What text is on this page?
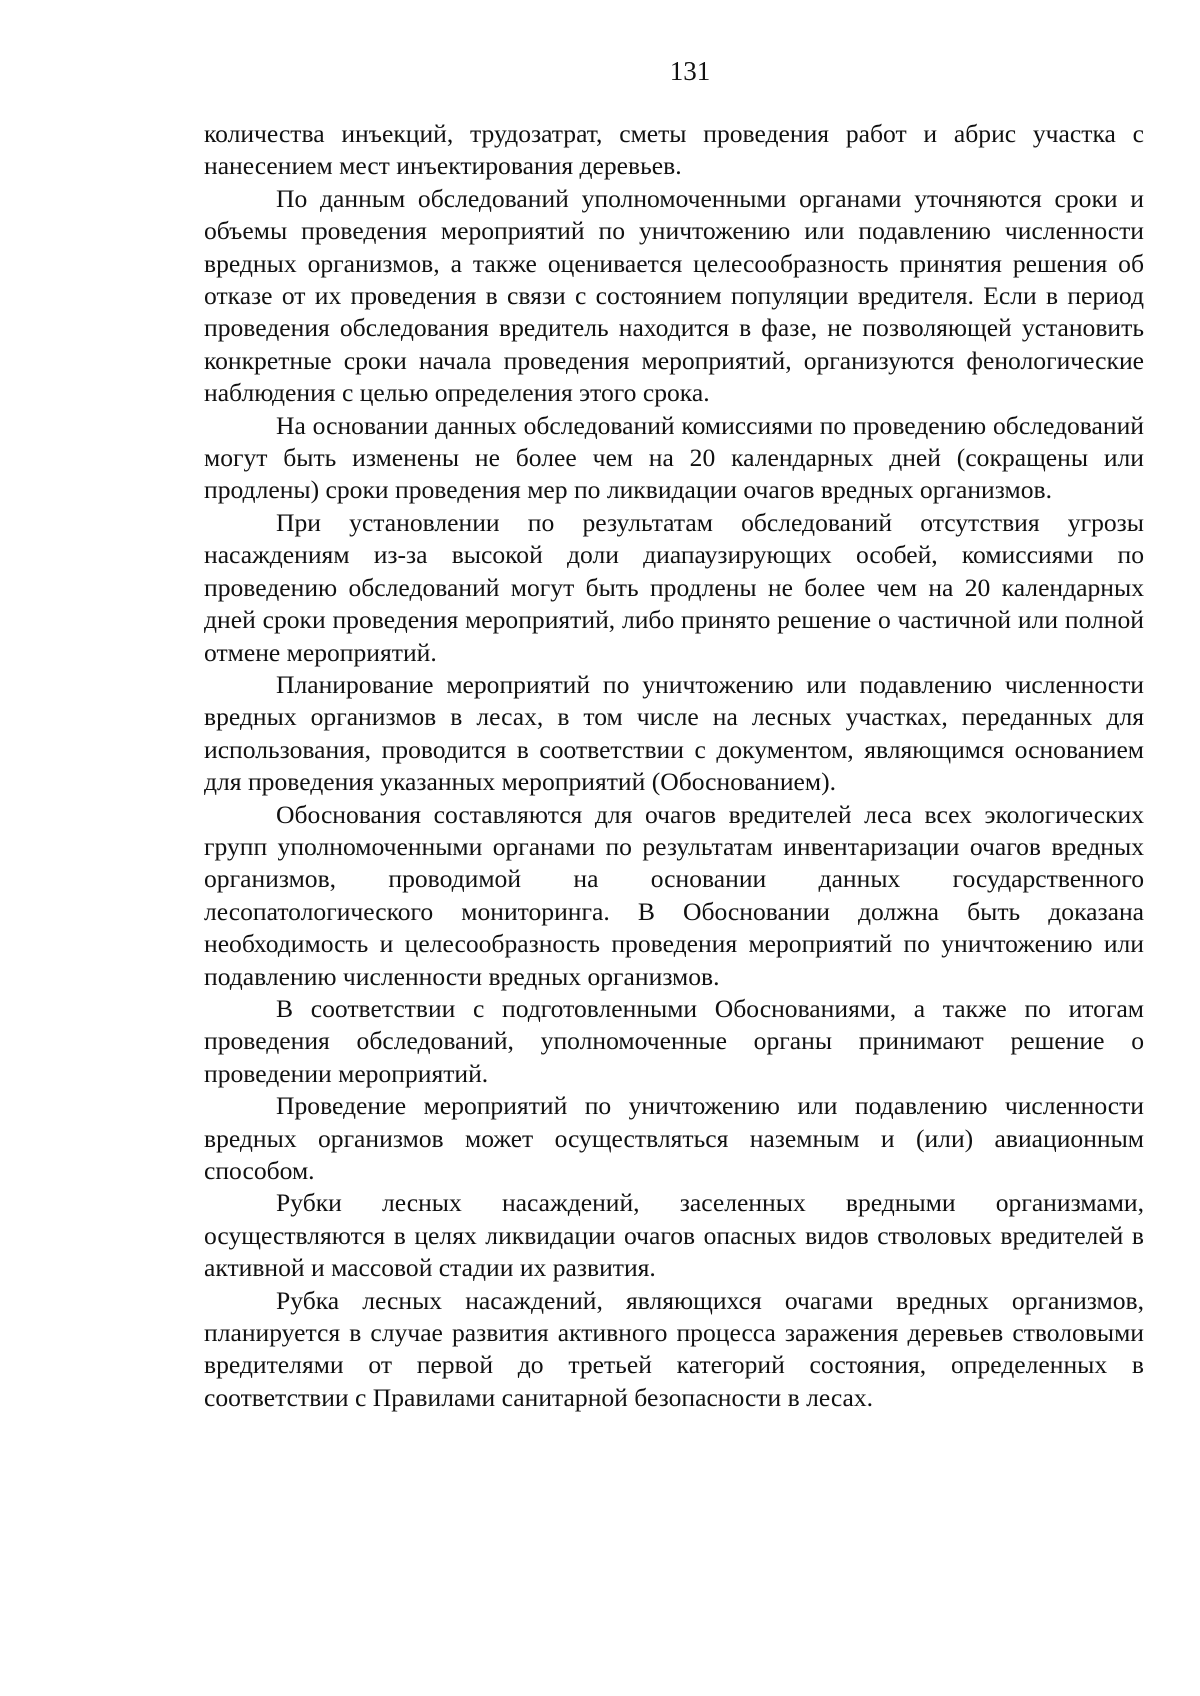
131

количества инъекций, трудозатрат, сметы проведения работ и абрис участка с нанесением мест инъектирования деревьев.

По данным обследований уполномоченными органами уточняются сроки и объемы проведения мероприятий по уничтожению или подавлению численности вредных организмов, а также оценивается целесообразность принятия решения об отказе от их проведения в связи с состоянием популяции вредителя. Если в период проведения обследования вредитель находится в фазе, не позволяющей установить конкретные сроки начала проведения мероприятий, организуются фенологические наблюдения с целью определения этого срока.

На основании данных обследований комиссиями по проведению обследований могут быть изменены не более чем на 20 календарных дней (сокращены или продлены) сроки проведения мер по ликвидации очагов вредных организмов.

При установлении по результатам обследований отсутствия угрозы насаждениям из-за высокой доли диапаузирующих особей, комиссиями по проведению обследований могут быть продлены не более чем на 20 календарных дней сроки проведения мероприятий, либо принято решение о частичной или полной отмене мероприятий.

Планирование мероприятий по уничтожению или подавлению численности вредных организмов в лесах, в том числе на лесных участках, переданных для использования, проводится в соответствии с документом, являющимся основанием для проведения указанных мероприятий (Обоснованием).

Обоснования составляются для очагов вредителей леса всех экологических групп уполномоченными органами по результатам инвентаризации очагов вредных организмов, проводимой на основании данных государственного лесопатологического мониторинга. В Обосновании должна быть доказана необходимость и целесообразность проведения мероприятий по уничтожению или подавлению численности вредных организмов.

В соответствии с подготовленными Обоснованиями, а также по итогам проведения обследований, уполномоченные органы принимают решение о проведении мероприятий.

Проведение мероприятий по уничтожению или подавлению численности вредных организмов может осуществляться наземным и (или) авиационным способом.

Рубки лесных насаждений, заселенных вредными организмами, осуществляются в целях ликвидации очагов опасных видов стволовых вредителей в активной и массовой стадии их развития.

Рубка лесных насаждений, являющихся очагами вредных организмов, планируется в случае развития активного процесса заражения деревьев стволовыми вредителями от первой до третьей категорий состояния, определенных в соответствии с Правилами санитарной безопасности в лесах.
